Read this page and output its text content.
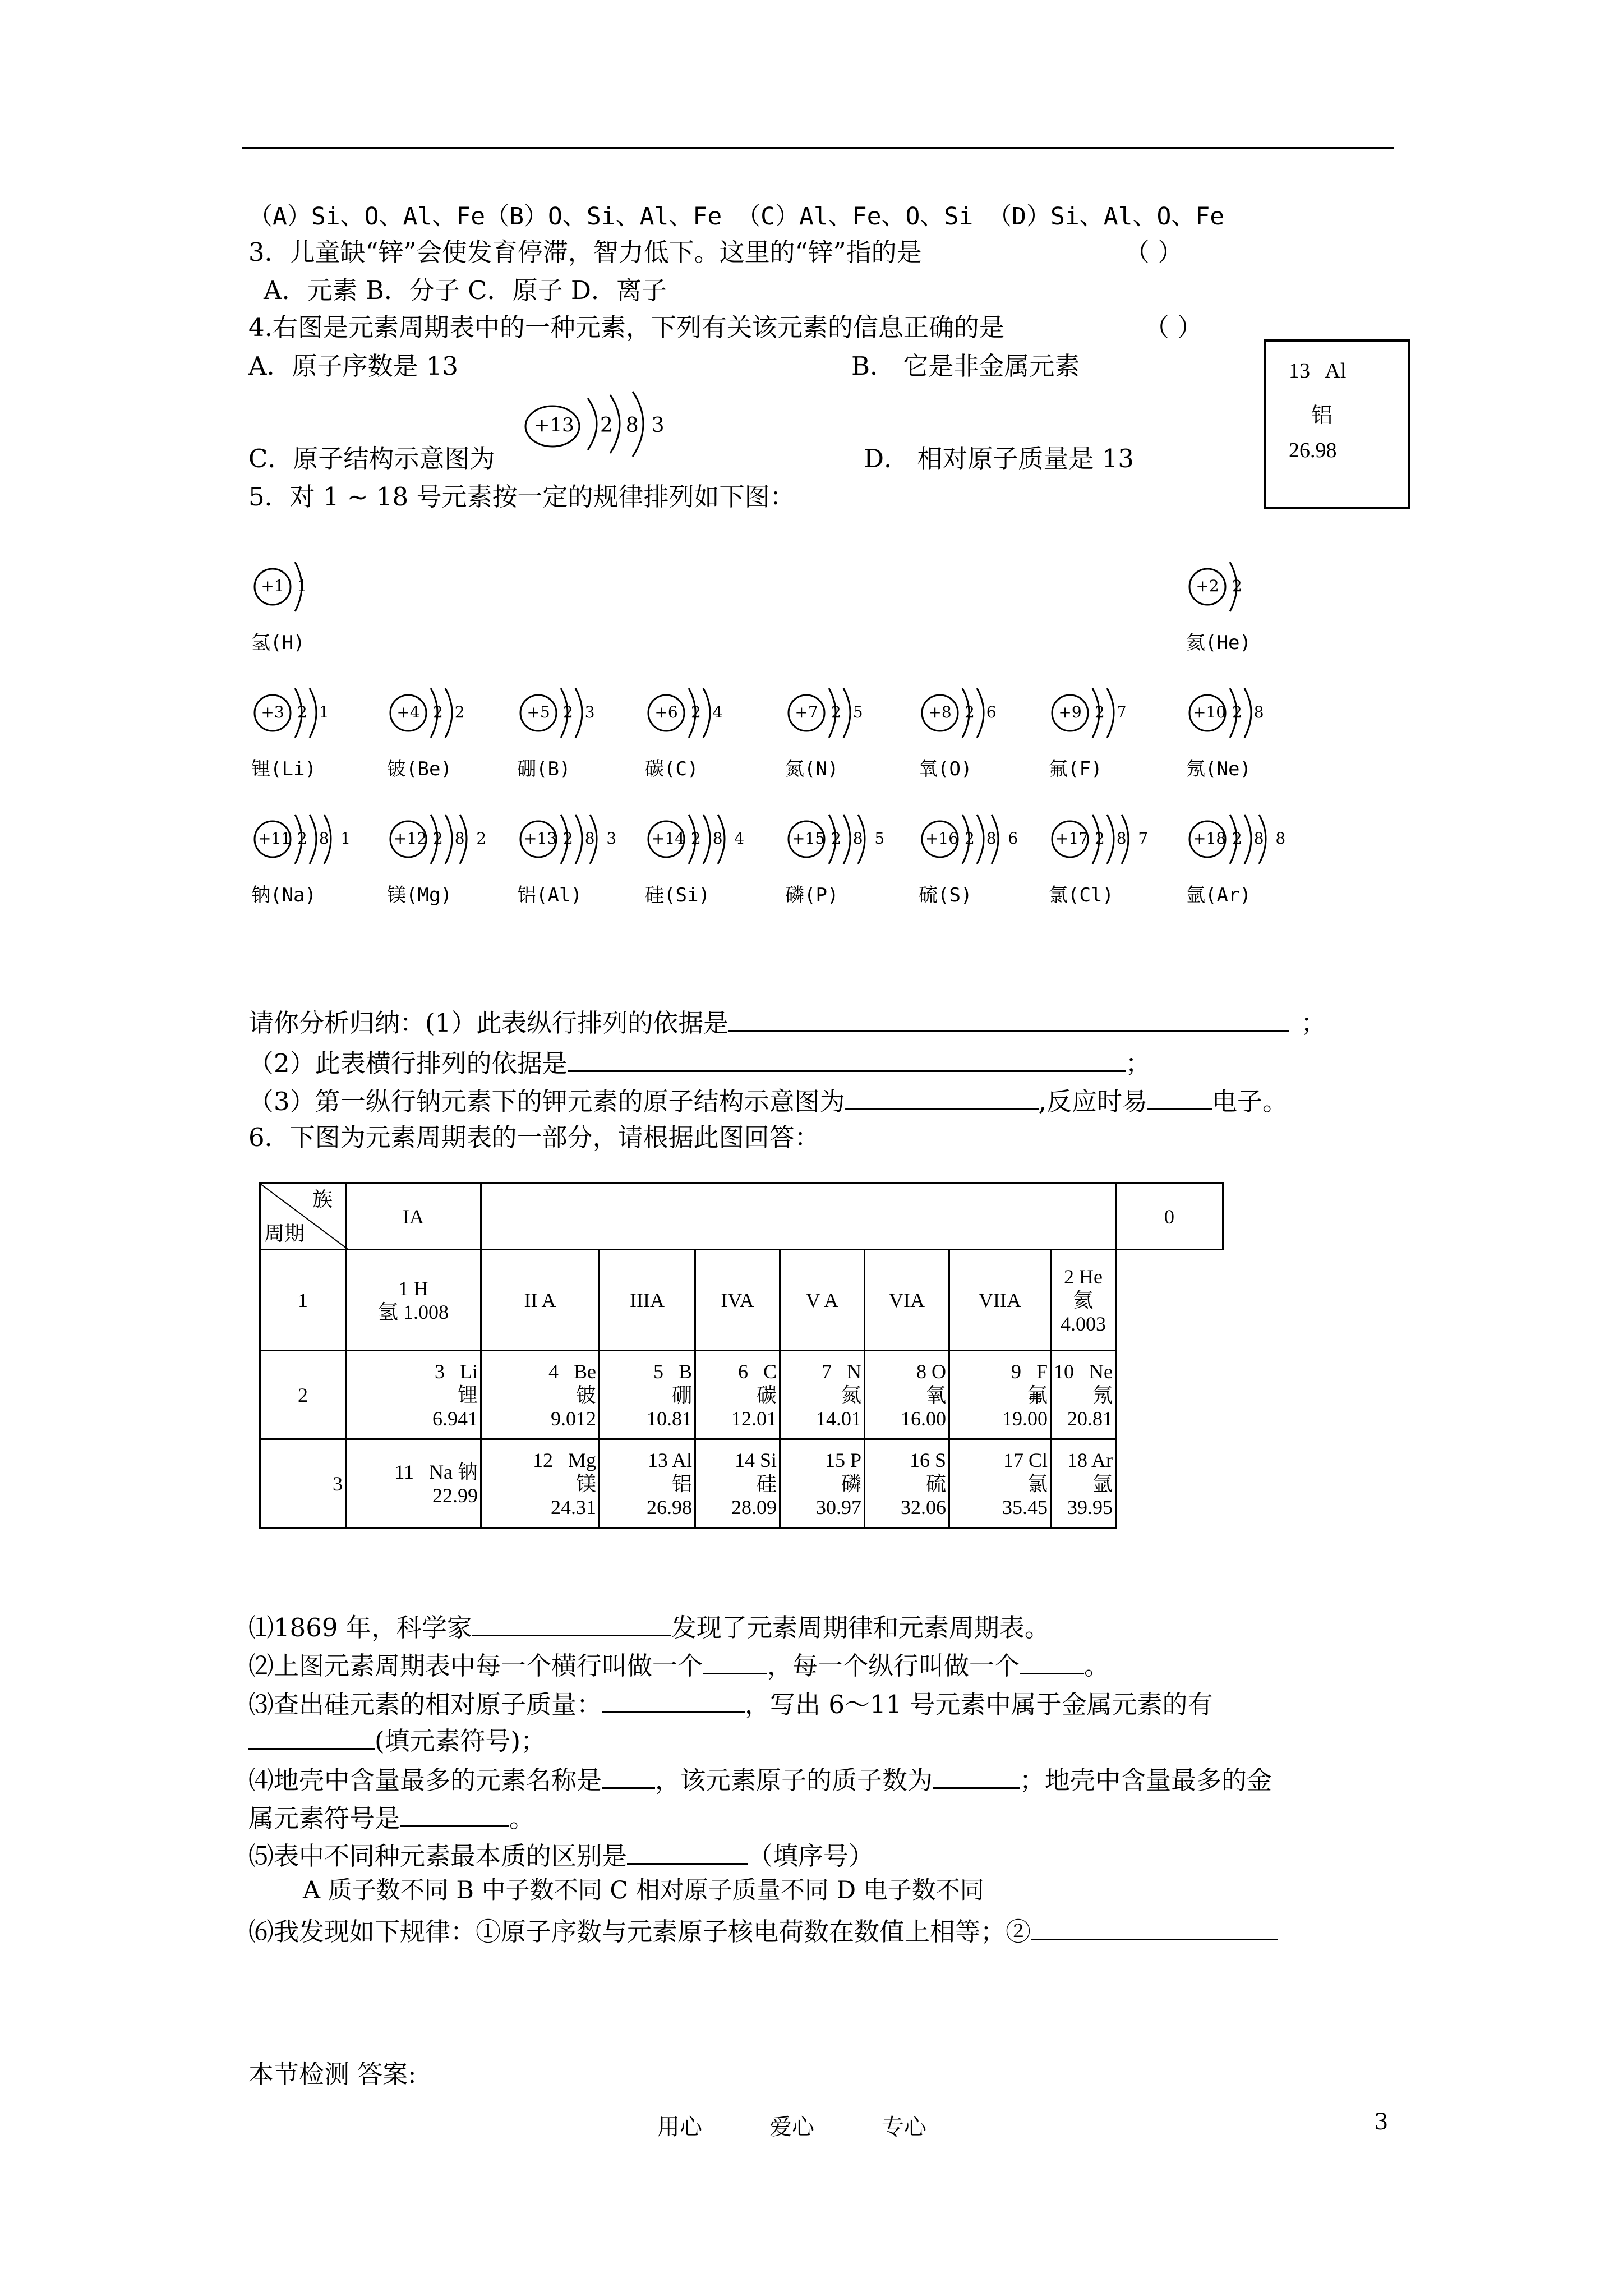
（A）Si、O、Al、Fe（B）O、Si、Al、Fe （C）Al、Fe、O、Si （D）Si、Al、O、Fe
3．儿童缺“锌”会使发育停滞，智力低下。这里的“锌”指的是	（ ）
A．元素 B．分子 C．原子 D．离子
4.右图是元素周期表中的一种元素，下列有关该元素的信息正确的是	（ ）
A．原子序数是 13	B． 它是非金属元素
C．原子结构示意图为	D． 相对原子质量是 13
+13 2  8  3
13   Al
铝
26.98
5．对 1 ~ 18 号元素按一定的规律排列如下图：
+1 1
氢(H)
+2 2
氦(He)
+3 2 1
锂(Li)
+4 2 2
铍(Be)
+5 2 3
硼(B)
+6 2 4
碳(C)
+7 2 5
氮(N)
+8 2 6
氧(O)
+9 2 7
氟(F)
+10 2 8
氖(Ne)
+11 2 8 1
钠(Na)
+12 2 8 2
镁(Mg)
+13 2 8 3
铝(Al)
+14 2 8 4
硅(Si)
+15 2 8 5
磷(P)
+16 2 8 6
硫(S)
+17 2 8 7
氯(Cl)
+18 2 8 8
氩(Ar)
请你分析归纳：(1）此表纵行排列的依据是	；
（2）此表横行排列的依据是	；
（3）第一纵行钠元素下的钾元素的原子结构示意图为	,反应时易	电子。
6．下图为元素周期表的一部分，请根据此图回答：
族
周期	IA								0
1	1 H
氢 1.008	II A	IIIA	IVA	V A	VIA	VIIA	2 He
氦
4.003	
2	3   Li
锂
6.941	4   Be
铍
9.012	5   B
硼
10.81	6   C
碳
12.01	7   N
氮
14.01	8 O
氧
16.00	9   F
氟
19.00	10   Ne
氖
20.81	

3	11   Na 钠
22.99	12   Mg
镁
24.31	13 Al
铝
26.98	14 Si
硅
28.09	15 P
磷
30.97	16 S
硫
32.06	17 Cl
氯
35.45	18 Ar
氩
39.95	
⑴1869 年，科学家	发现了元素周期律和元素周期表。
⑵上图元素周期表中每一个横行叫做一个	，每一个纵行叫做一个	。
⑶查出硅元素的相对原子质量：	，写出 6～11 号元素中属于金属元素的有
(填元素符号)；
⑷地壳中含量最多的元素名称是 ，该元素原子的质子数为	；地壳中含量最多的金
属元素符号是	。
⑸表中不同种元素最本质的区别是	（填序号）
A 质子数不同 B 中子数不同 C 相对原子质量不同 D 电子数不同
⑹我发现如下规律：①原子序数与元素原子核电荷数在数值上相等；②
本节检测 答案:
用心	爱心	专心	3
